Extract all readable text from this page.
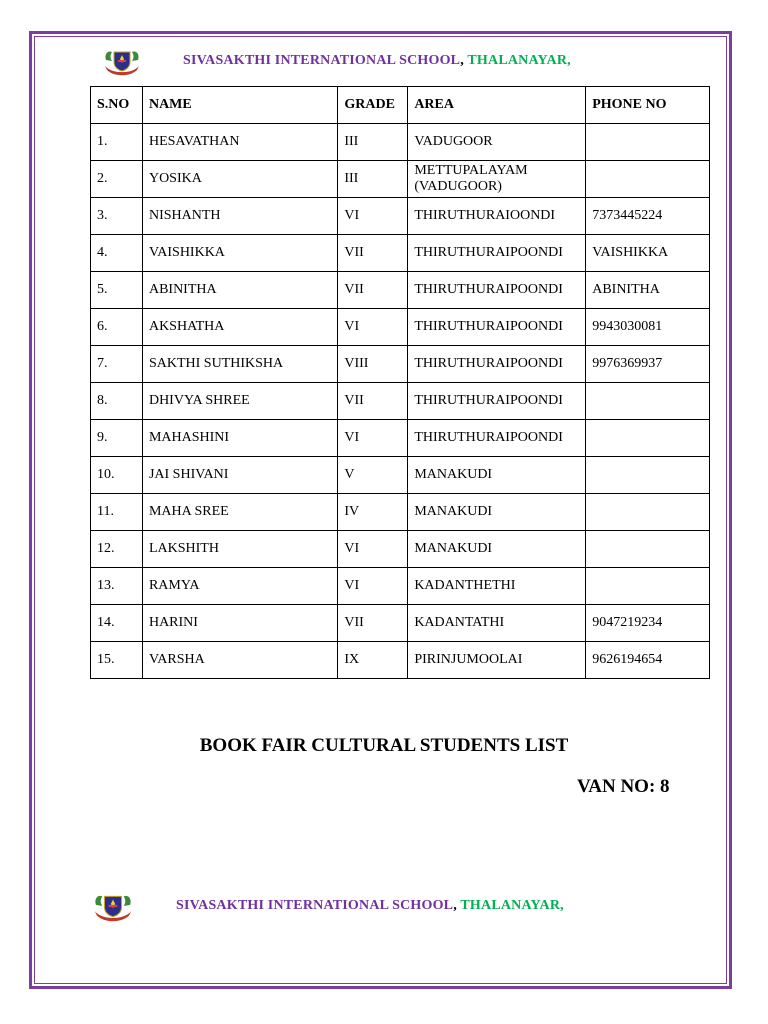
SIVASAKTHI INTERNATIONAL SCHOOL, THALANAYAR,
S.NO	NAME	GRADE	AREA	PHONE NO
1.	HESAVATHAN	III	VADUGOOR	
2.	YOSIKA	III	METTUPALAYAM (VADUGOOR)	
3.	NISHANTH	VI	THIRUTHURAIOONDI	7373445224
4.	VAISHIKKA	VII	THIRUTHURAIPOONDI	VAISHIKKA
5.	ABINITHA	VII	THIRUTHURAIPOONDI	ABINITHA
6.	AKSHATHA	VI	THIRUTHURAIPOONDI	9943030081
7.	SAKTHI SUTHIKSHA	VIII	THIRUTHURAIPOONDI	9976369937
8.	DHIVYA SHREE	VII	THIRUTHURAIPOONDI	
9.	MAHASHINI	VI	THIRUTHURAIPOONDI	
10.	JAI SHIVANI	V	MANAKUDI	
11.	MAHA SREE	IV	MANAKUDI	
12.	LAKSHITH	VI	MANAKUDI	
13.	RAMYA	VI	KADANTHETHI	
14.	HARINI	VII	KADANTATHI	9047219234
15.	VARSHA	IX	PIRINJUMOOLAI	9626194654
BOOK FAIR CULTURAL STUDENTS LIST
VAN NO: 8
SIVASAKTHI INTERNATIONAL SCHOOL, THALANAYAR,
